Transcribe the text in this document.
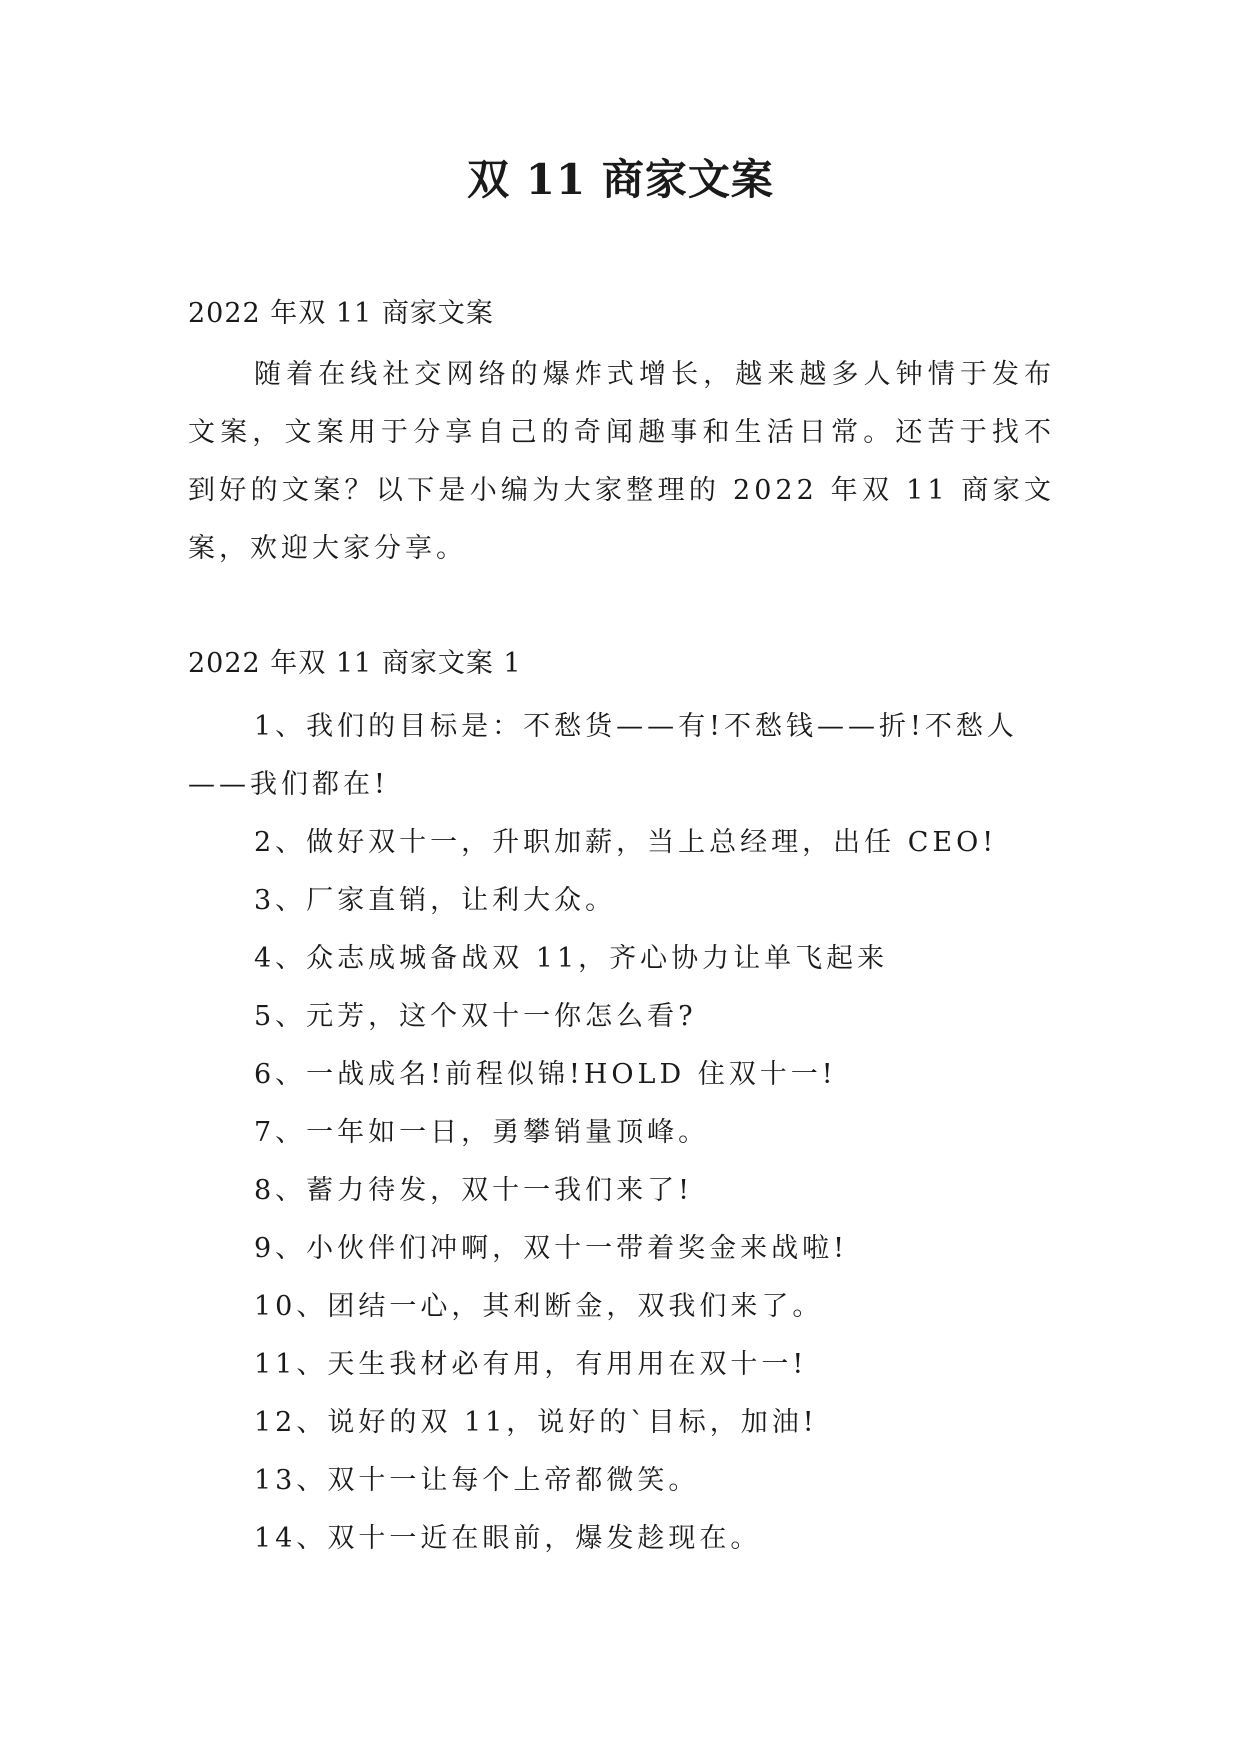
双 11 商家文案
2022 年双 11 商家文案

随着在线社交网络的爆炸式增长，越来越多人钟情于发布文案，文案用于分享自己的奇闻趣事和生活日常。还苦于找不到好的文案？以下是小编为大家整理的 2022 年双 11 商家文案，欢迎大家分享。

2022 年双 11 商家文案 1
1、我们的目标是：不愁货——有!不愁钱——折!不愁人——我们都在!
2、做好双十一，升职加薪，当上总经理，出任 CEO!
3、厂家直销，让利大众。
4、众志成城备战双 11，齐心协力让单飞起来
5、元芳，这个双十一你怎么看?
6、一战成名!前程似锦!HOLD 住双十一!
7、一年如一日，勇攀销量顶峰。
8、蓄力待发，双十一我们来了!
9、小伙伴们冲啊，双十一带着奖金来战啦!
10、团结一心，其利断金，双我们来了。
11、天生我材必有用，有用用在双十一!
12、说好的双 11，说好的`目标，加油!
13、双十一让每个上帝都微笑。
14、双十一近在眼前，爆发趁现在。
